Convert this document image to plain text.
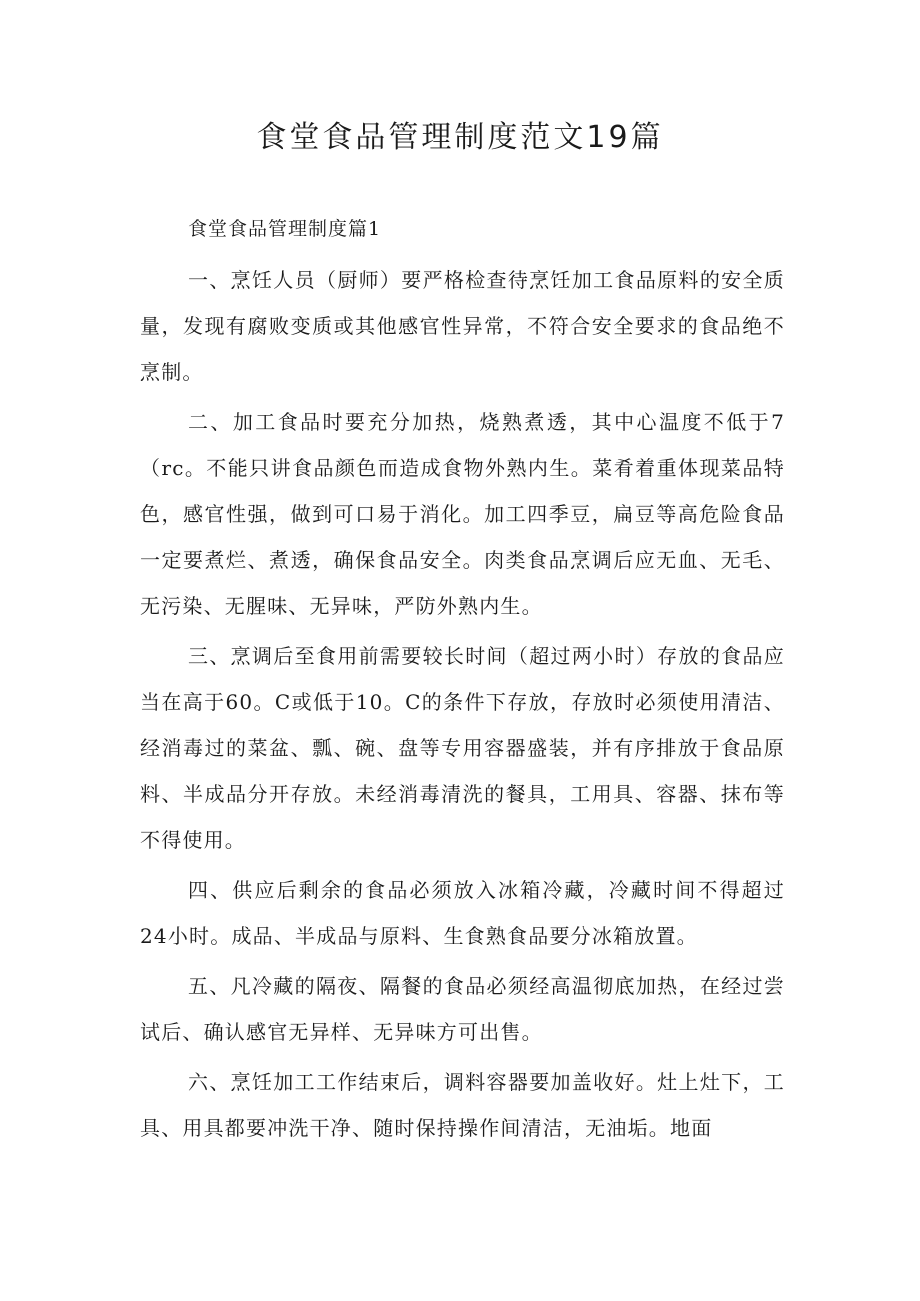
食堂食品管理制度范文19篇

食堂食品管理制度篇1

一、烹饪人员（厨师）要严格检查待烹饪加工食品原料的安全质量，发现有腐败变质或其他感官性异常，不符合安全要求的食品绝不烹制。

二、加工食品时要充分加热，烧熟煮透，其中心温度不低于7（rc。不能只讲食品颜色而造成食物外熟内生。菜肴着重体现菜品特色，感官性强，做到可口易于消化。加工四季豆，扁豆等高危险食品一定要煮烂、煮透，确保食品安全。肉类食品烹调后应无血、无毛、无污染、无腥味、无异味，严防外熟内生。

三、烹调后至食用前需要较长时间（超过两小时）存放的食品应当在高于60。C或低于10。C的条件下存放，存放时必须使用清洁、经消毒过的菜盆、瓢、碗、盘等专用容器盛装，并有序排放于食品原料、半成品分开存放。未经消毒清洗的餐具，工用具、容器、抹布等不得使用。

四、供应后剩余的食品必须放入冰箱冷藏，冷藏时间不得超过24小时。成品、半成品与原料、生食熟食品要分冰箱放置。

五、凡冷藏的隔夜、隔餐的食品必须经高温彻底加热，在经过尝试后、确认感官无异样、无异味方可出售。

六、烹饪加工工作结束后，调料容器要加盖收好。灶上灶下，工具、用具都要冲洗干净、随时保持操作间清洁，无油垢。地面
